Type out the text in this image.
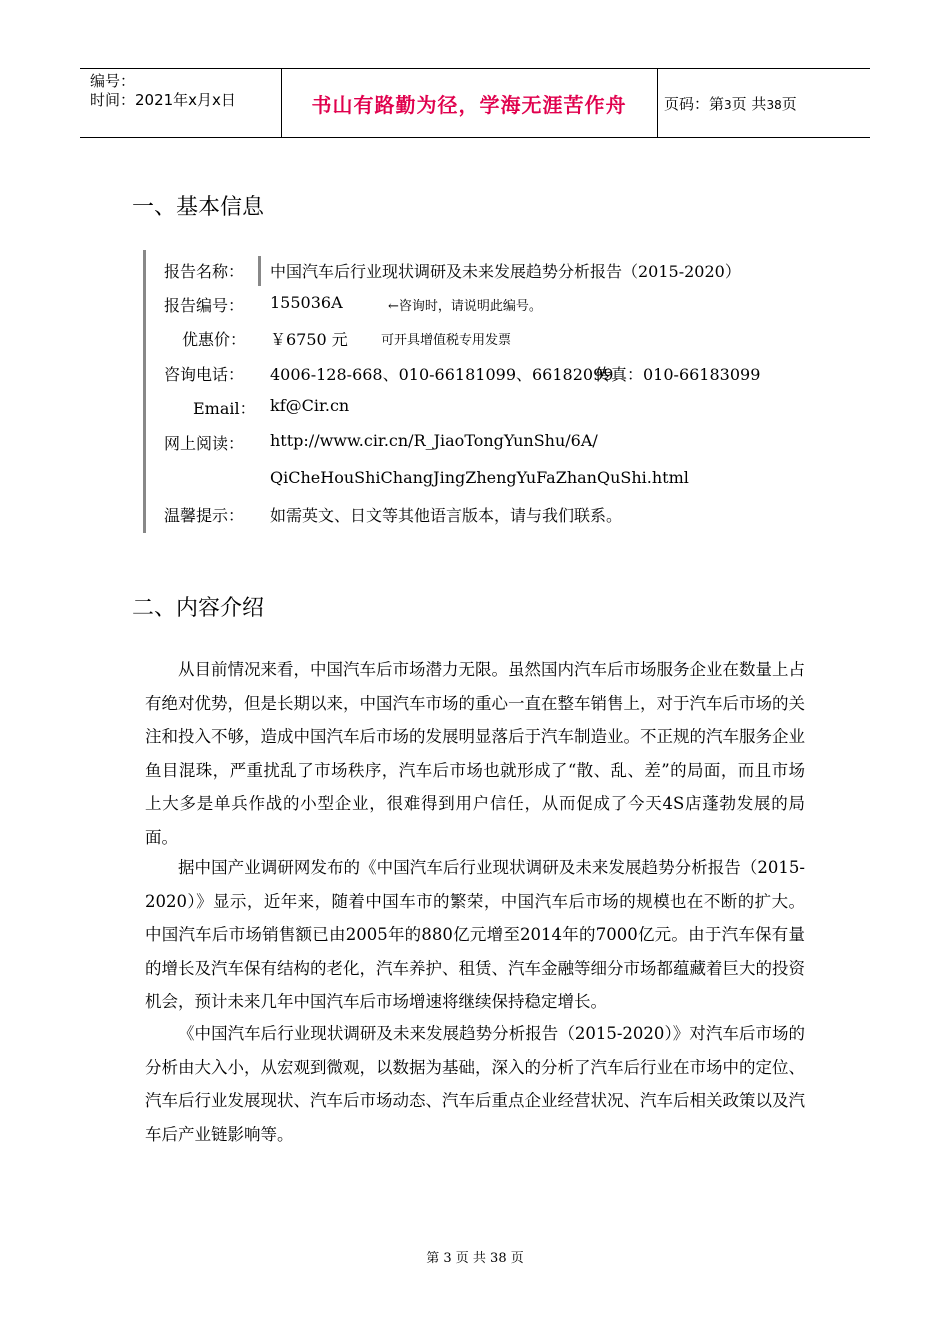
编号：
时间：2021年x月x日	书山有路勤为径，学海无涯苦作舟	页码：第3页 共38页
一、基本信息
报告名称： 中国汽车后行业现状调研及未来发展趋势分析报告（2015-2020）
报告编号： 155036A	←咨询时，请说明此编号。
优惠价： ￥6750 元	可开具增值税专用发票
咨询电话： 4006-128-668、010-66181099、66182099
传真：010-66183099
Email： kf@Cir.cn
网上阅读： http://www.cir.cn/R_JiaoTongYunShu/6A/
QiCheHouShiChangJingZhengYuFaZhanQuShi.html
温馨提示： 如需英文、日文等其他语言版本，请与我们联系。
二、内容介绍

从目前情况来看，中国汽车后市场潜力无限。虽然国内汽车后市场服务企业在数量上占有绝对优势，但是长期以来，中国汽车市场的重心一直在整车销售上，对于汽车后市场的关注和投入不够，造成中国汽车后市场的发展明显落后于汽车制造业。不正规的汽车服务企业鱼目混珠，严重扰乱了市场秩序，汽车后市场也就形成了“散、乱、差”的局面，而且市场上大多是单兵作战的小型企业，很难得到用户信任，从而促成了今天4S店蓬勃发展的局面。

据中国产业调研网发布的《中国汽车后行业现状调研及未来发展趋势分析报告（2015-2020）》显示，近年来，随着中国车市的繁荣，中国汽车后市场的规模也在不断的扩大。中国汽车后市场销售额已由2005年的880亿元增至2014年的7000亿元。由于汽车保有量的增长及汽车保有结构的老化，汽车养护、租赁、汽车金融等细分市场都蕴藏着巨大的投资机会，预计未来几年中国汽车后市场增速将继续保持稳定增长。

《中国汽车后行业现状调研及未来发展趋势分析报告（2015-2020）》对汽车后市场的分析由大入小，从宏观到微观，以数据为基础，深入的分析了汽车后行业在市场中的定位、汽车后行业发展现状、汽车后市场动态、汽车后重点企业经营状况、汽车后相关政策以及汽车后产业链影响等。

第 3 页 共 38 页
